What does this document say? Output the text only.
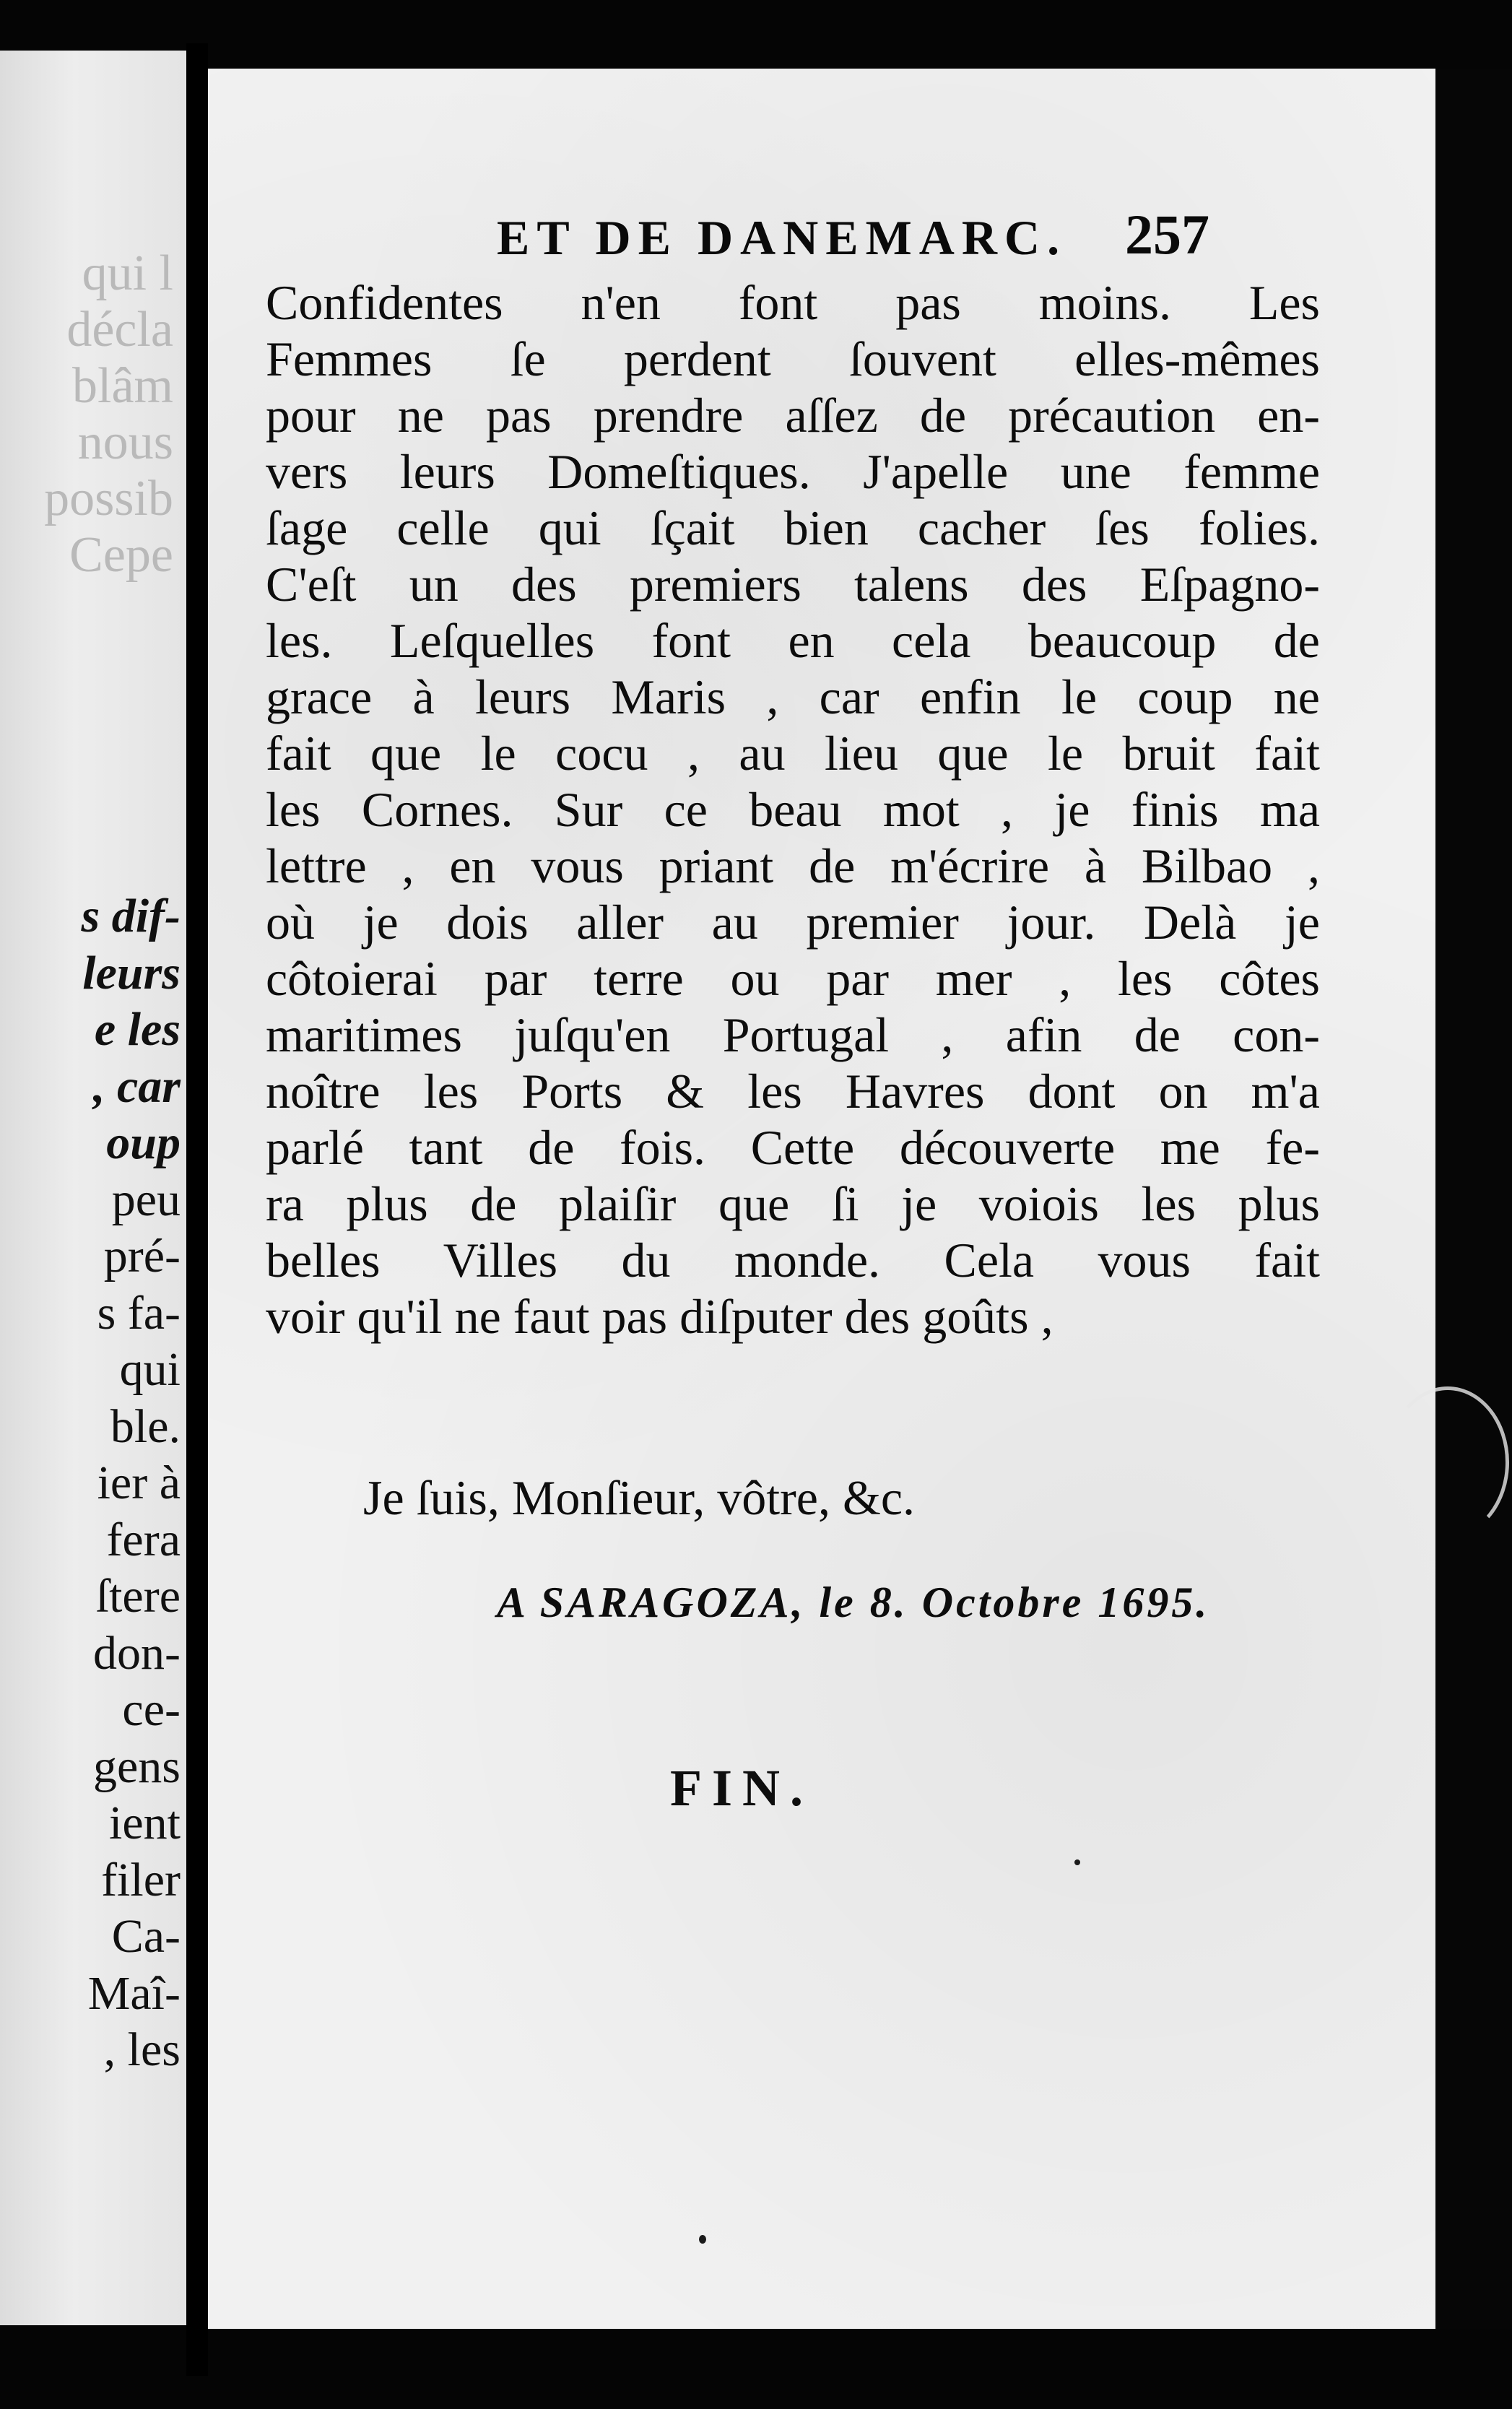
qui l
décla
blâm
nous
possib
Cepe
s dif-
leurs
e les
, car
oup
peu
pré-
s fa-
qui
ble.
ier à
fera
ſtere
don-
ce-
gens
ient
filer
Ca-
Maî-
, les
ET DE DANEMARC.	257
Confidentes n'en font pas moins. Les
Femmes ſe perdent ſouvent elles-mêmes
pour ne pas prendre aſſez de précaution en-
vers leurs Domeſtiques. J'apelle une femme
ſage celle qui ſçait bien cacher ſes folies.
C'eſt un des premiers talens des Eſpagno-
les. Leſquelles font en cela beaucoup de
grace à leurs Maris , car enfin le coup ne
fait que le cocu , au lieu que le bruit fait
les Cornes. Sur ce beau mot , je finis ma
lettre , en vous priant de m'écrire à Bilbao ,
où je dois aller au premier jour. Delà je
côtoierai par terre ou par mer , les côtes
maritimes juſqu'en Portugal , afin de con-
noître les Ports & les Havres dont on m'a
parlé tant de fois. Cette découverte me fe-
ra plus de plaiſir que ſi je voiois les plus
belles Villes du monde. Cela vous fait
voir qu'il ne faut pas diſputer des goûts ,
Je ſuis, Monſieur, vôtre, &c.
A SARAGOZA, le 8. Octobre 1695.
FIN.
